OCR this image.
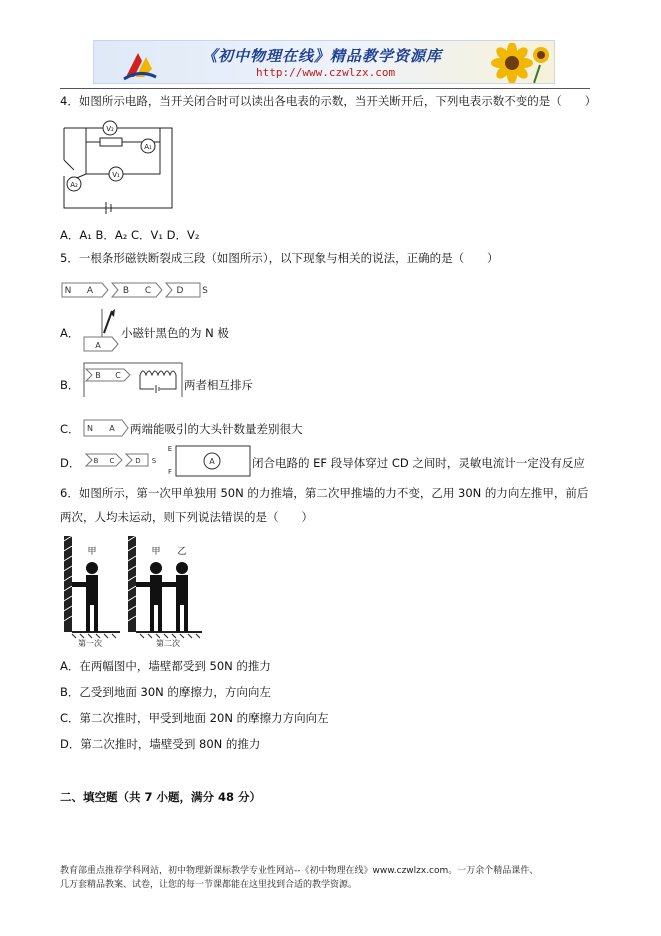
《初中物理在线》精品教学资源库
http://www.czwlzx.com
4．如图所示电路，当开关闭合时可以读出各电表的示数，当开关断开后，下列电表示数不变的是（　　）
V₂
A₁
A₂
V₁
A．A₁ B．A₂ C．V₁ D．V₂
5．一根条形磁铁断裂成三段（如图所示），以下现象与相关的说法，正确的是（　　）
N A	B C	D S
A．
A
小磁针黑色的为 N 极
B．
B C
两者相互排斥
C． N A 两端能吸引的大头针数量差别很大
D． B C	D S
E
F
A	闭合电路的 EF 段导体穿过 CD 之间时，灵敏电流计一定没有反应
6．如图所示，第一次甲单独用 50N 的力推墙，第二次甲推墙的力不变，乙用 30N 的力向左推甲，前后
两次，人均未运动，则下列说法错误的是（　　）
甲
第一次
甲 乙
第二次
A．在两幅图中，墙壁都受到 50N 的推力
B．乙受到地面 30N 的摩擦力，方向向左
C．第二次推时，甲受到地面 20N 的摩擦力方向向左
D．第二次推时，墙壁受到 80N 的推力
二、填空题（共 7 小题，满分 48 分）
教育部重点推荐学科网站，初中物理新课标教学专业性网站--《初中物理在线》www.czwlzx.com。一万余个精品课件、
几万套精品教案、试卷，让您的每一节课都能在这里找到合适的教学资源。
